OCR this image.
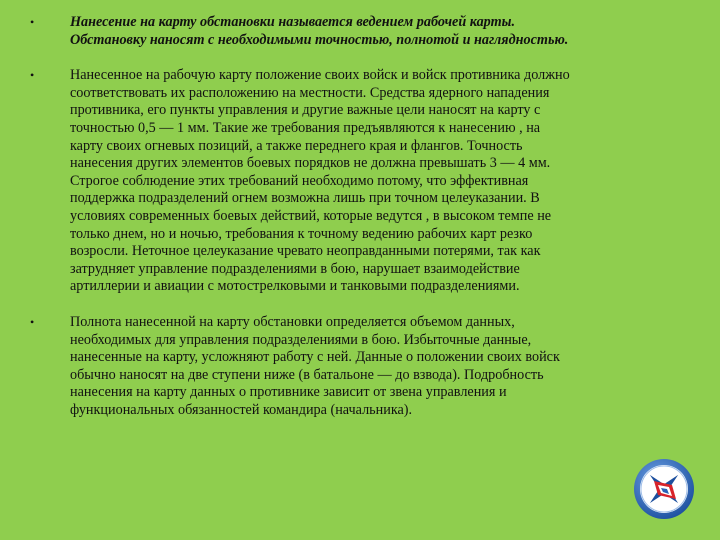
•	Нанесение на карту обстановки называется ведением рабочей карты.
Обстановку наносят с необходимыми точностью, полнотой и наглядностью.
•	Нанесенное на рабочую карту положение своих войск и войск противника должно
соответствовать их расположению на местности. Средства ядерного нападения
противника, его пункты управления и другие важные цели наносят на карту с
точностью 0,5 — 1 мм. Такие же требования предъявляются к нанесению , на
карту своих огневых позиций, а также переднего края и флангов. Точность
нанесения других элементов боевых порядков не должна превышать 3 — 4 мм.
Строгое соблюдение этих требований необходимо потому, что эффективная
поддержка подразделений огнем возможна лишь при точном целеуказании. В
условиях современных боевых действий, которые ведутся , в высоком темпе не
только днем, но и ночью, требования к точному ведению рабочих карт резко
возросли. Неточное целеуказание чревато неоправданными потерями, так как
затрудняет управление подразделениями в бою, нарушает взаимодействие
артиллерии и авиации с мотострелковыми и танковыми подразделениями.
•	Полнота нанесенной на карту обстановки определяется объемом данных,
необходимых для управления подразделениями в бою. Избыточные данные,
нанесенные на карту, усложняют работу с ней. Данные о положении своих войск
обычно наносят на две ступени ниже (в батальоне — до взвода). Подробность
нанесения на карту данных о противнике зависит от звена управления и
функциональных обязанностей командира (начальника).
